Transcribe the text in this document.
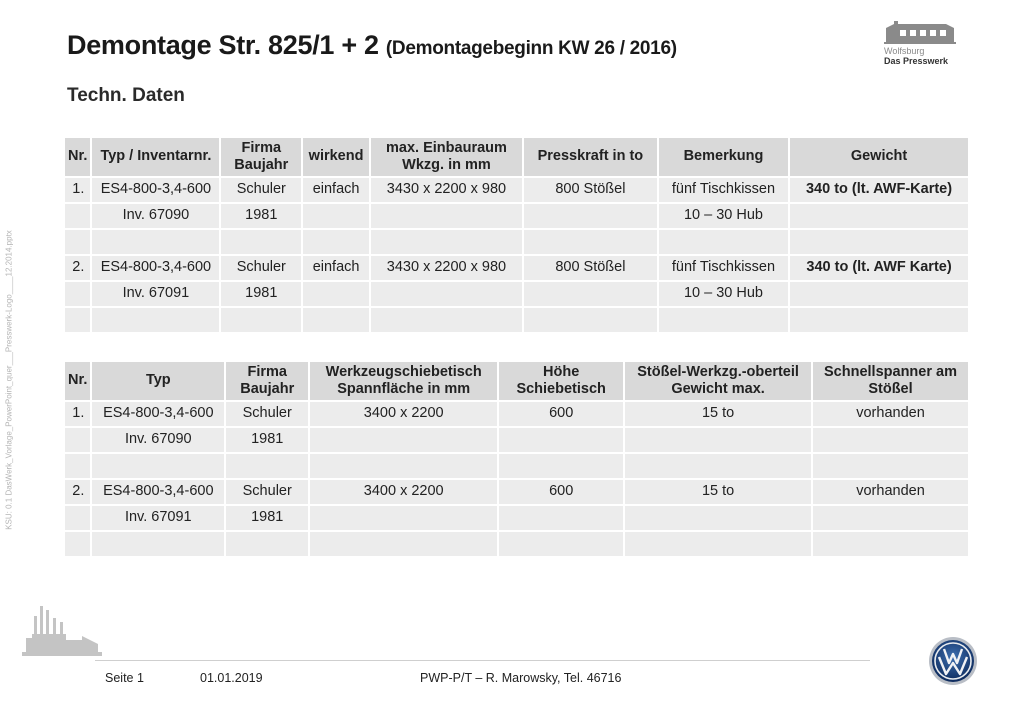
Demontage Str. 825/1 + 2 (Demontagebeginn KW 26 / 2016)
Techn. Daten
Wolfsburg
Das Presswerk
KSU: 0.1 DasWerk_Vorlage_PowerPoint_quer___Presswerk-Logo____12.2014.pptx
Nr.	Typ / Inventarnr.	Firma Baujahr	wirkend	max. Einbauraum Wkzg. in mm	Presskraft in to	Bemerkung	Gewicht
1.	ES4-800-3,4-600	Schuler	einfach	3430 x 2200 x 980	800 Stößel	fünf Tischkissen	340 to (lt. AWF-Karte)
	Inv. 67090	1981				10 – 30 Hub	

2.	ES4-800-3,4-600	Schuler	einfach	3430 x 2200 x 980	800 Stößel	fünf Tischkissen	340 to (lt. AWF Karte)
	Inv. 67091	1981				10 – 30 Hub	

Nr.	Typ	Firma Baujahr	Werkzeugschiebetisch Spannfläche in mm	Höhe Schiebetisch	Stößel-Werkzg.-oberteil Gewicht max.	Schnellspanner am Stößel
1.	ES4-800-3,4-600	Schuler	3400 x 2200	600	15 to	vorhanden
	Inv. 67090	1981				

2.	ES4-800-3,4-600	Schuler	3400 x 2200	600	15 to	vorhanden
	Inv. 67091	1981				

Seite 1	01.01.2019	PWP-P/T – R. Marowsky, Tel. 46716
